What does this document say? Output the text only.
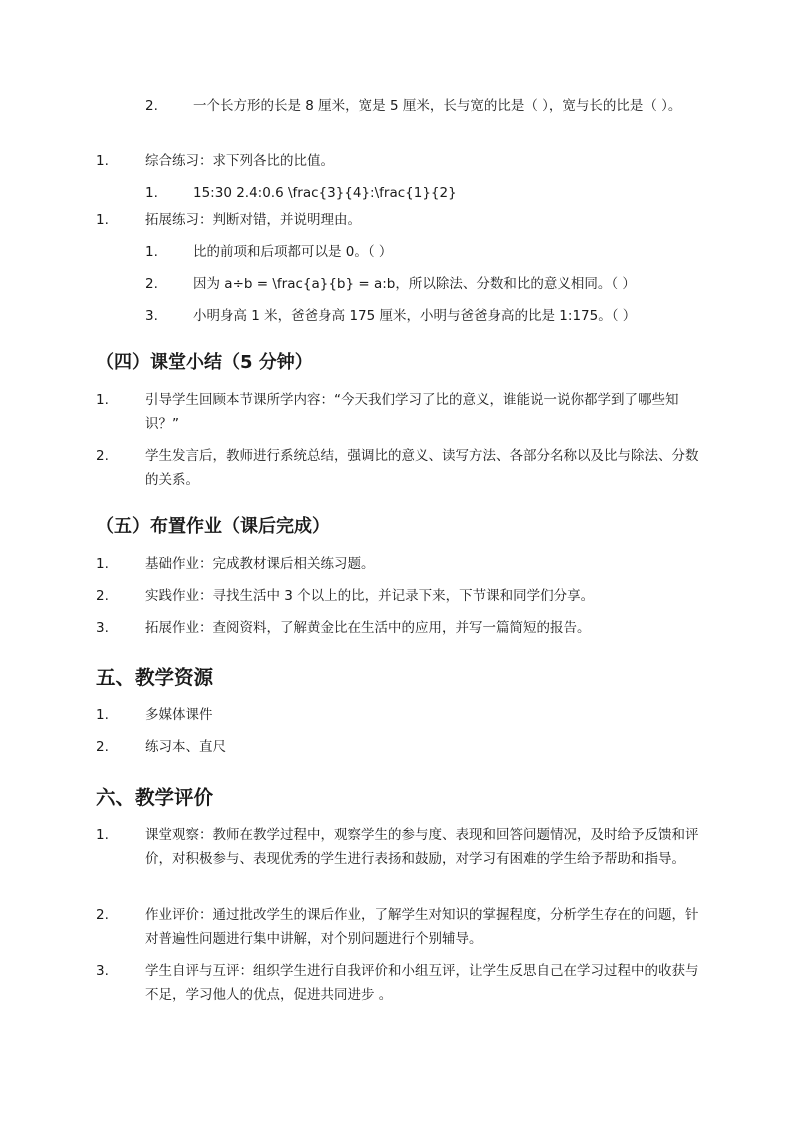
2.	一个长方形的长是 8 厘米，宽是 5 厘米，长与宽的比是（ ），宽与长的比是（ ）。
1.	综合练习：求下列各比的比值。
1.	15:30 2.4:0.6 \frac{3}{4}:\frac{1}{2}
1.	拓展练习：判断对错，并说明理由。
1.	比的前项和后项都可以是 0。（ ）
2.	因为 a÷b = \frac{a}{b} = a:b，所以除法、分数和比的意义相同。（ ）
3.	小明身高 1 米，爸爸身高 175 厘米，小明与爸爸身高的比是 1:175。（ ）
（四）课堂小结（5 分钟）
1.	引导学生回顾本节课所学内容：“今天我们学习了比的意义，谁能说一说你都学到了哪些知识？”
2.	学生发言后，教师进行系统总结，强调比的意义、读写方法、各部分名称以及比与除法、分数的关系。
（五）布置作业（课后完成）
1.	基础作业：完成教材课后相关练习题。
2.	实践作业：寻找生活中 3 个以上的比，并记录下来，下节课和同学们分享。
3.	拓展作业：查阅资料，了解黄金比在生活中的应用，并写一篇简短的报告。
五、教学资源
1.	多媒体课件
2.	练习本、直尺
六、教学评价
1.	课堂观察：教师在教学过程中，观察学生的参与度、表现和回答问题情况，及时给予反馈和评价，对积极参与、表现优秀的学生进行表扬和鼓励，对学习有困难的学生给予帮助和指导。
2.	作业评价：通过批改学生的课后作业，了解学生对知识的掌握程度，分析学生存在的问题，针对普遍性问题进行集中讲解，对个别问题进行个别辅导。
3.	学生自评与互评：组织学生进行自我评价和小组互评，让学生反思自己在学习过程中的收获与不足，学习他人的优点，促进共同进步 。
